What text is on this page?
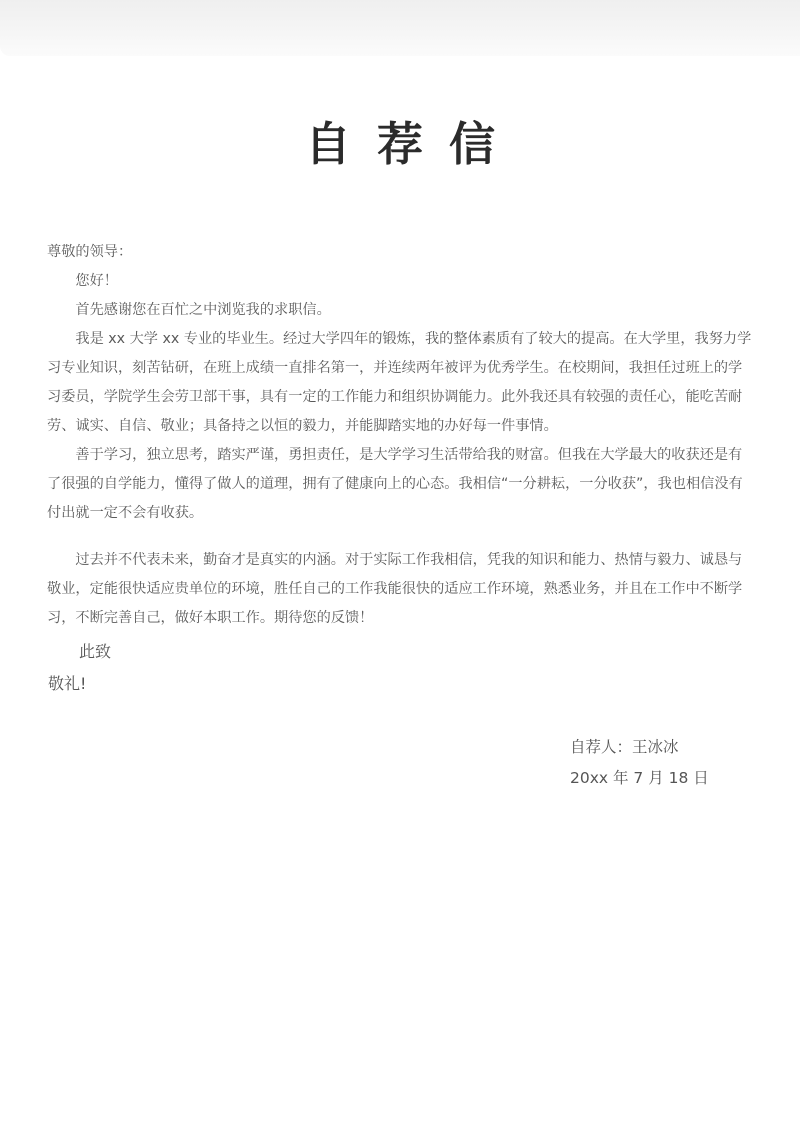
自荐信

尊敬的领导：

您好！

首先感谢您在百忙之中浏览我的求职信。

我是 xx 大学 xx 专业的毕业生。经过大学四年的锻炼，我的整体素质有了较大的提高。在大学里，我努力学习专业知识，刻苦钻研，在班上成绩一直排名第一，并连续两年被评为优秀学生。在校期间，我担任过班上的学习委员，学院学生会劳卫部干事，具有一定的工作能力和组织协调能力。此外我还具有较强的责任心，能吃苦耐劳、诚实、自信、敬业；具备持之以恒的毅力，并能脚踏实地的办好每一件事情。

善于学习，独立思考，踏实严谨，勇担责任，是大学学习生活带给我的财富。但我在大学最大的收获还是有了很强的自学能力，懂得了做人的道理，拥有了健康向上的心态。我相信“一分耕耘，一分收获”，我也相信没有付出就一定不会有收获。

过去并不代表未来，勤奋才是真实的内涵。对于实际工作我相信，凭我的知识和能力、热情与毅力、诚恳与敬业，定能很快适应贵单位的环境，胜任自己的工作我能很快的适应工作环境，熟悉业务，并且在工作中不断学习，不断完善自己，做好本职工作。期待您的反馈！

此致
敬礼!
自荐人：王冰冰
20xx 年 7 月 18 日
